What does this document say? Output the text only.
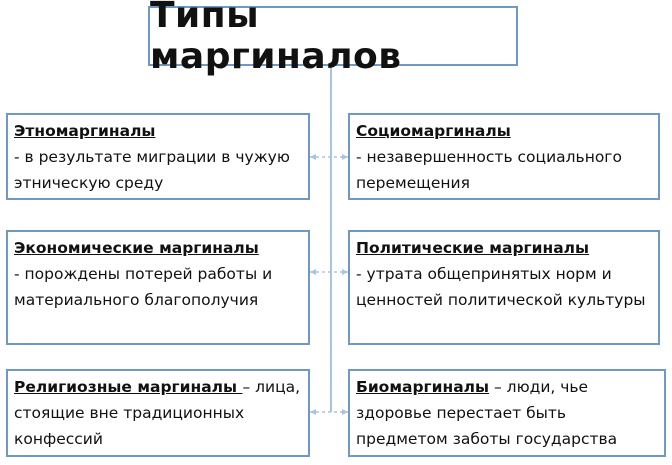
Типы маргиналов
Этномаргиналы
- в результате миграции в чужую этническую среду
Социомаргиналы
- незавершенность социального перемещения
Экономические маргиналы
- порождены потерей работы и материального благополучия
Политические маргиналы
- утрата общепринятых норм и ценностей политической культуры
Религиозные маргиналы – лица, стоящие вне традиционных конфессий
Биомаргиналы – люди, чье здоровье перестает быть предметом заботы государства
